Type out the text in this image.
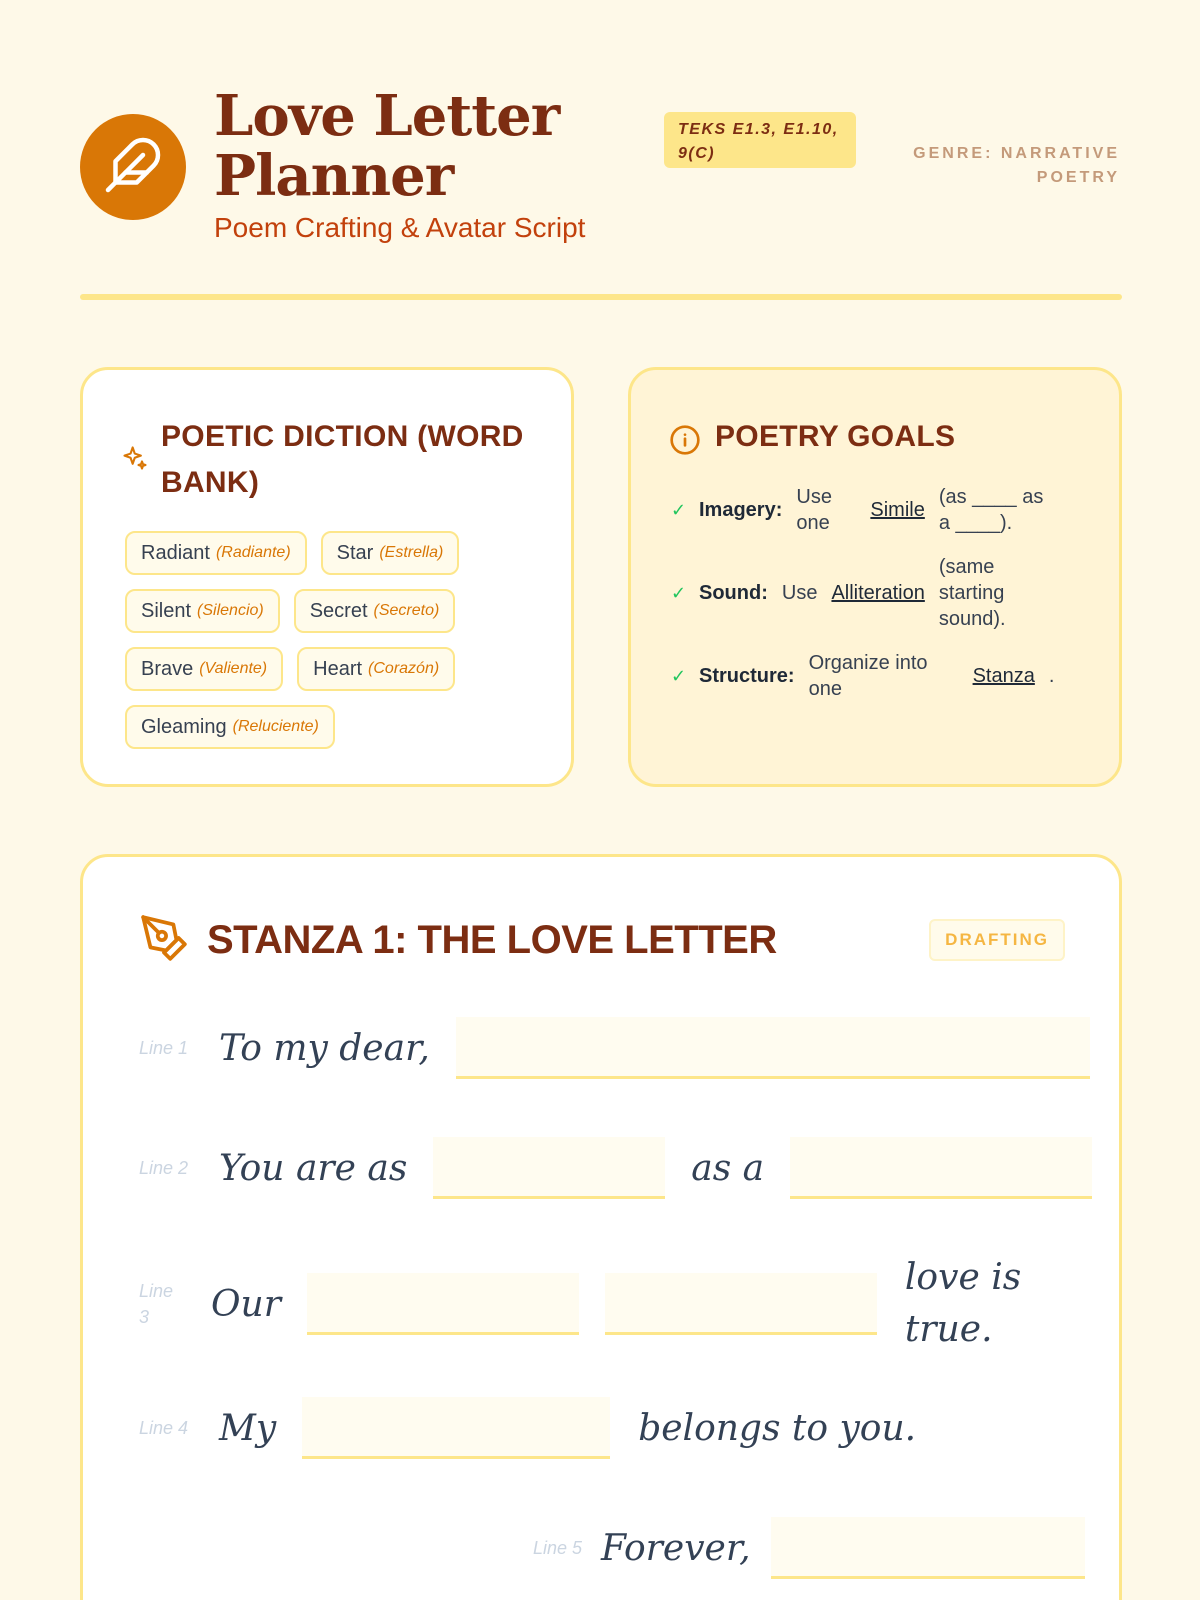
Love Letter Planner
Poem Crafting & Avatar Script
TEKS E1.3, E1.10, 9(C)	GENRE: NARRATIVE POETRY
POETIC DICTION (WORD BANK)
Radiant (Radiante) Star (Estrella)
Silent (Silencio) Secret (Secreto)
Brave (Valiente) Heart (Corazón)
Gleaming (Reluciente)
POETRY GOALS
✓ Imagery:
Use one
Simile
(as ____ as a ____).
✓ Sound: Use Alliteration
(same starting sound).
✓ Structure:
Organize into one
Stanza .
STANZA 1: THE LOVE LETTER	DRAFTING
Line 1 To my dear,
Line 2 You are as	as a
Line 3	Our
love is true.
Line 4 My	belongs to you.
Line 5 Forever,
